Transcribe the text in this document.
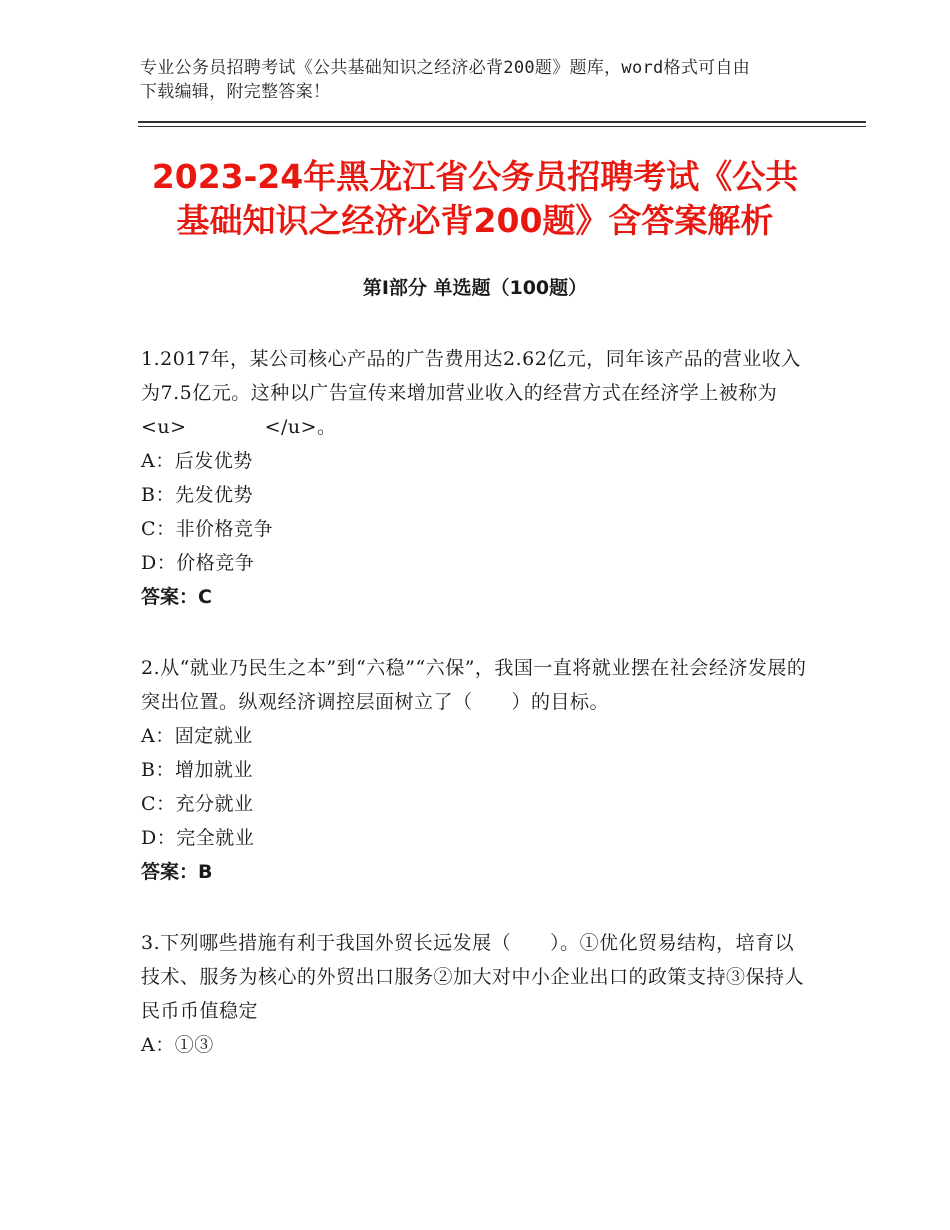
专业公务员招聘考试《公共基础知识之经济必背200题》题库，word格式可自由
下载编辑，附完整答案！
2023-24年黑龙江省公务员招聘考试《公共
基础知识之经济必背200题》含答案解析
第Ⅰ部分 单选题（100题）
1.2017年，某公司核心产品的广告费用达2.62亿元，同年该产品的营业收入为7.5亿元。这种以广告宣传来增加营业收入的经营方式在经济学上被称为<u>　　　　</u>。
A：后发优势
B：先发优势
C：非价格竞争
D：价格竞争
答案：C
2.从“就业乃民生之本”到“六稳”“六保”，我国一直将就业摆在社会经济发展的突出位置。纵观经济调控层面树立了（　　）的目标。
A：固定就业
B：增加就业
C：充分就业
D：完全就业
答案：B
3.下列哪些措施有利于我国外贸长远发展（　　）。①优化贸易结构，培育以技术、服务为核心的外贸出口服务②加大对中小企业出口的政策支持③保持人民币币值稳定
A：①③
